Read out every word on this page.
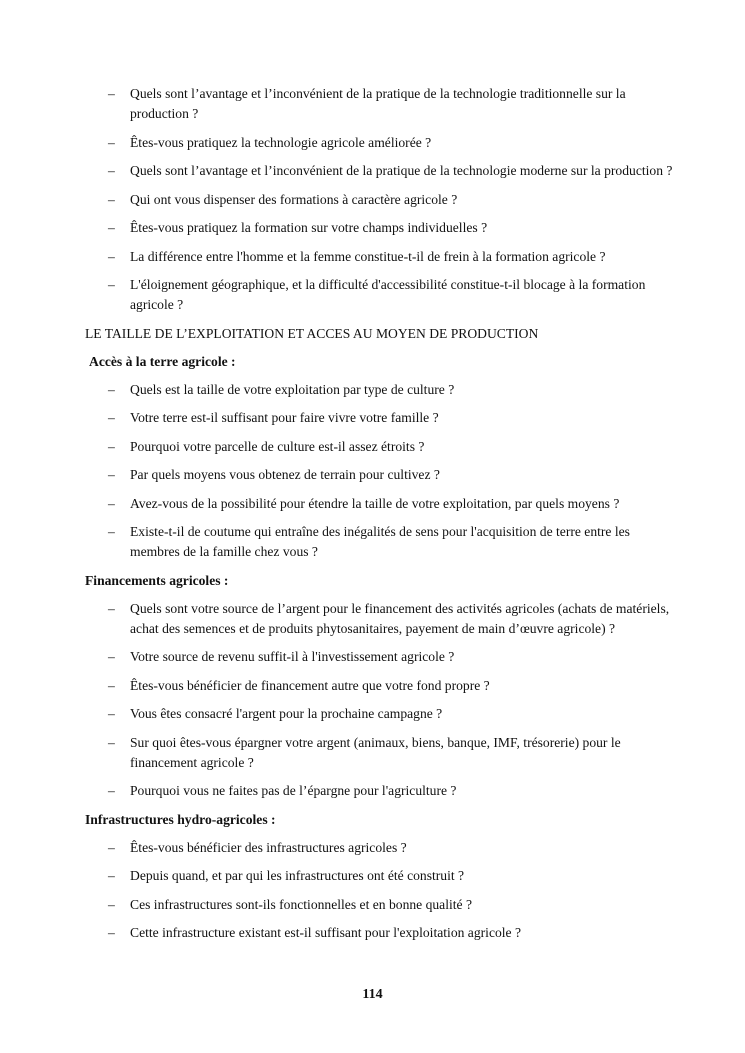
–	Quels sont l’avantage et l’inconvénient de la pratique de la technologie traditionnelle sur la production ?
–	Êtes-vous pratiquez la technologie agricole améliorée ?
–	Quels sont l’avantage et l’inconvénient de la pratique de la technologie moderne sur la production ?
–	Qui ont vous dispenser des formations à caractère agricole ?
–	Êtes-vous pratiquez la formation sur votre champs individuelles ?
–	La différence entre l'homme et la femme constitue-t-il de frein à la formation agricole ?
–	L'éloignement géographique, et la difficulté d'accessibilité constitue-t-il blocage à la formation agricole ?
LE TAILLE DE L’EXPLOITATION ET ACCES AU MOYEN DE PRODUCTION
Accès à la terre agricole :
–	Quels est la taille de votre exploitation par type de culture ?
–	Votre terre est-il suffisant pour faire vivre votre famille ?
–	Pourquoi votre parcelle de culture est-il assez étroits ?
–	Par quels moyens vous obtenez de terrain pour cultivez ?
–	Avez-vous de la possibilité pour étendre la taille de votre exploitation, par quels moyens ?
–	Existe-t-il de coutume qui entraîne des inégalités de sens pour l'acquisition de terre entre les membres de la famille chez vous ?
Financements agricoles :
–	Quels sont votre source de l’argent pour le financement des activités agricoles (achats de matériels, achat des semences et de produits phytosanitaires, payement de main d’œuvre agricole) ?
–	Votre source de revenu suffit-il à l'investissement agricole ?
–	Êtes-vous bénéficier de financement autre que votre fond propre ?
–	Vous êtes consacré l'argent pour la prochaine campagne ?
–	Sur quoi êtes-vous épargner votre argent (animaux, biens, banque, IMF, trésorerie) pour le financement agricole ?
–	Pourquoi vous ne faites pas de l’épargne pour l'agriculture ?
Infrastructures hydro-agricoles :
–	Êtes-vous bénéficier des infrastructures agricoles ?
–	Depuis quand, et par qui les infrastructures ont été construit ?
–	Ces infrastructures sont-ils fonctionnelles et en bonne qualité ?
–	Cette infrastructure existant est-il suffisant pour l'exploitation agricole ?
114
